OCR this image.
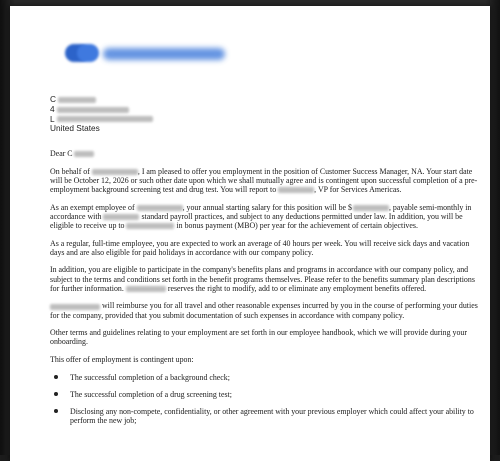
C
4
L
United States

Dear C

On behalf of	, I am pleased to offer you employment in the position of Customer Success Manager, NA. Your start date will be October 12, 2026 or such other date upon which we shall mutually agree and is contingent upon successful completion of a pre-employment background screening test and drug test. You will report to	, VP for Services Americas.

As an exempt employee of	, your annual starting salary for this position will be $	, payable semi-monthly in accordance with	standard payroll practices, and subject to any deductions permitted under law. In addition, you will be eligible to receive up to	in bonus payment (MBO) per year for the achievement of certain objectives.

As a regular, full-time employee, you are expected to work an average of 40 hours per week. You will receive sick days and vacation days and are also eligible for paid holidays in accordance with our company policy.

In addition, you are eligible to participate in the company's benefits plans and programs in accordance with our company policy, and subject to the terms and conditions set forth in the benefit programs themselves. Please refer to the benefits summary plan descriptions for further information.	reserves the right to modify, add to or eliminate any employment benefits offered.

will reimburse you for all travel and other reasonable expenses incurred by you in the course of performing your duties for the company, provided that you submit documentation of such expenses in accordance with company policy.

Other terms and guidelines relating to your employment are set forth in our employee handbook, which we will provide during your onboarding.

This offer of employment is contingent upon:

The successful completion of a background check;
The successful completion of a drug screening test;
Disclosing any non-compete, confidentiality, or other agreement with your previous employer which could affect your ability to perform the new job;
